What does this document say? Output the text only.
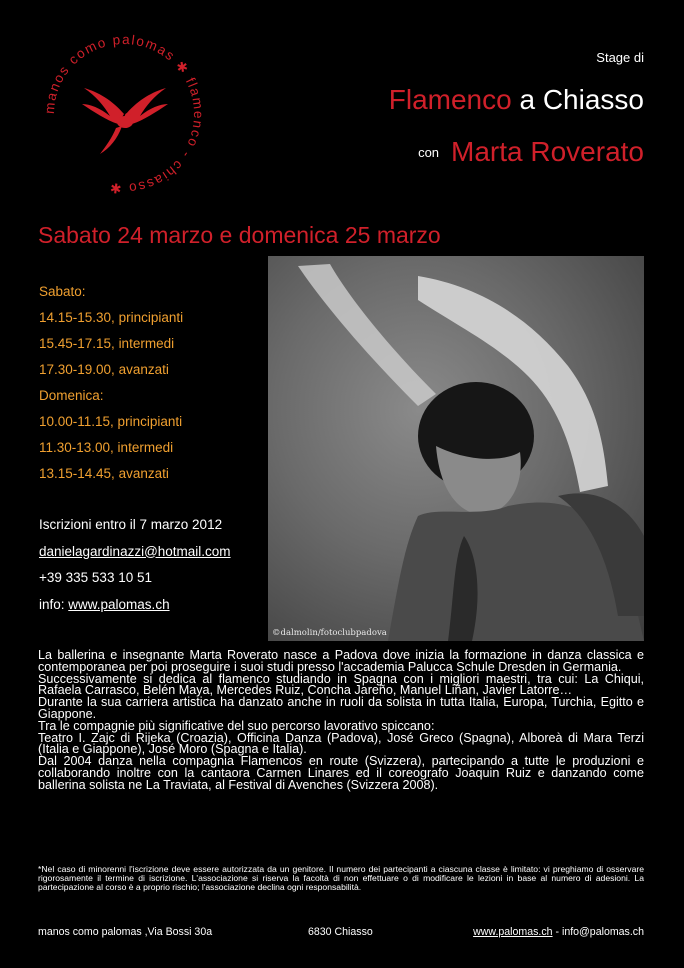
manos como palomas ✱ flamenco - chiasso ✱
Stage di
Flamenco a Chiasso
con Marta Roverato
Sabato 24 marzo e domenica 25 marzo
Sabato:
14.15-15.30, principianti
15.45-17.15, intermedi
17.30-19.00, avanzati
Domenica:
10.00-11.15, principianti
11.30-13.00, intermedi
13.15-14.45, avanzati
Iscrizioni entro il 7 marzo 2012
danielagardinazzi@hotmail.com
+39 335 533 10 51
info: www.palomas.ch
©dalmolin/fotoclubpadova

La ballerina e insegnante Marta Roverato nasce a Padova dove inizia la formazione in danza classica e contemporanea per poi proseguire i suoi studi presso l'accademia Palucca Schule Dresden in Germania.

Successivamente si dedica al flamenco studiando in Spagna con i migliori maestri, tra cui: La Chiqui, Rafaela Carrasco, Belén Maya, Mercedes Ruiz, Concha Jareño, Manuel Liñan, Javier Latorre…

Durante la sua carriera artistica ha danzato anche in ruoli da solista in tutta Italia, Europa, Turchia, Egitto e Giappone.

Tra le compagnie più significative del suo percorso lavorativo spiccano:

Teatro I. Zajc di Rijeka (Croazia), Officina Danza (Padova), José Greco (Spagna), Alboreà di Mara Terzi (Italia e Giappone), José Moro (Spagna e Italia).

Dal 2004 danza nella compagnia Flamencos en route (Svizzera), partecipando a tutte le produzioni e collaborando inoltre con la cantaora Carmen Linares ed il coreografo Joaquin Ruiz e danzando come ballerina solista ne La Traviata, al Festival di Avenches (Svizzera 2008).

*Nel caso di minorenni l'iscrizione deve essere autorizzata da un genitore. Il numero dei partecipanti a ciascuna classe è limitato: vi preghiamo di osservare rigorosamente il termine di iscrizione. L'associazione si riserva la facoltà di non effettuare o di modificare le lezioni in base al numero di adesioni. La partecipazione al corso è a proprio rischio; l'associazione declina ogni responsabilità.
manos como palomas ,Via Bossi 30a	6830 Chiasso	www.palomas.ch - info@palomas.ch
